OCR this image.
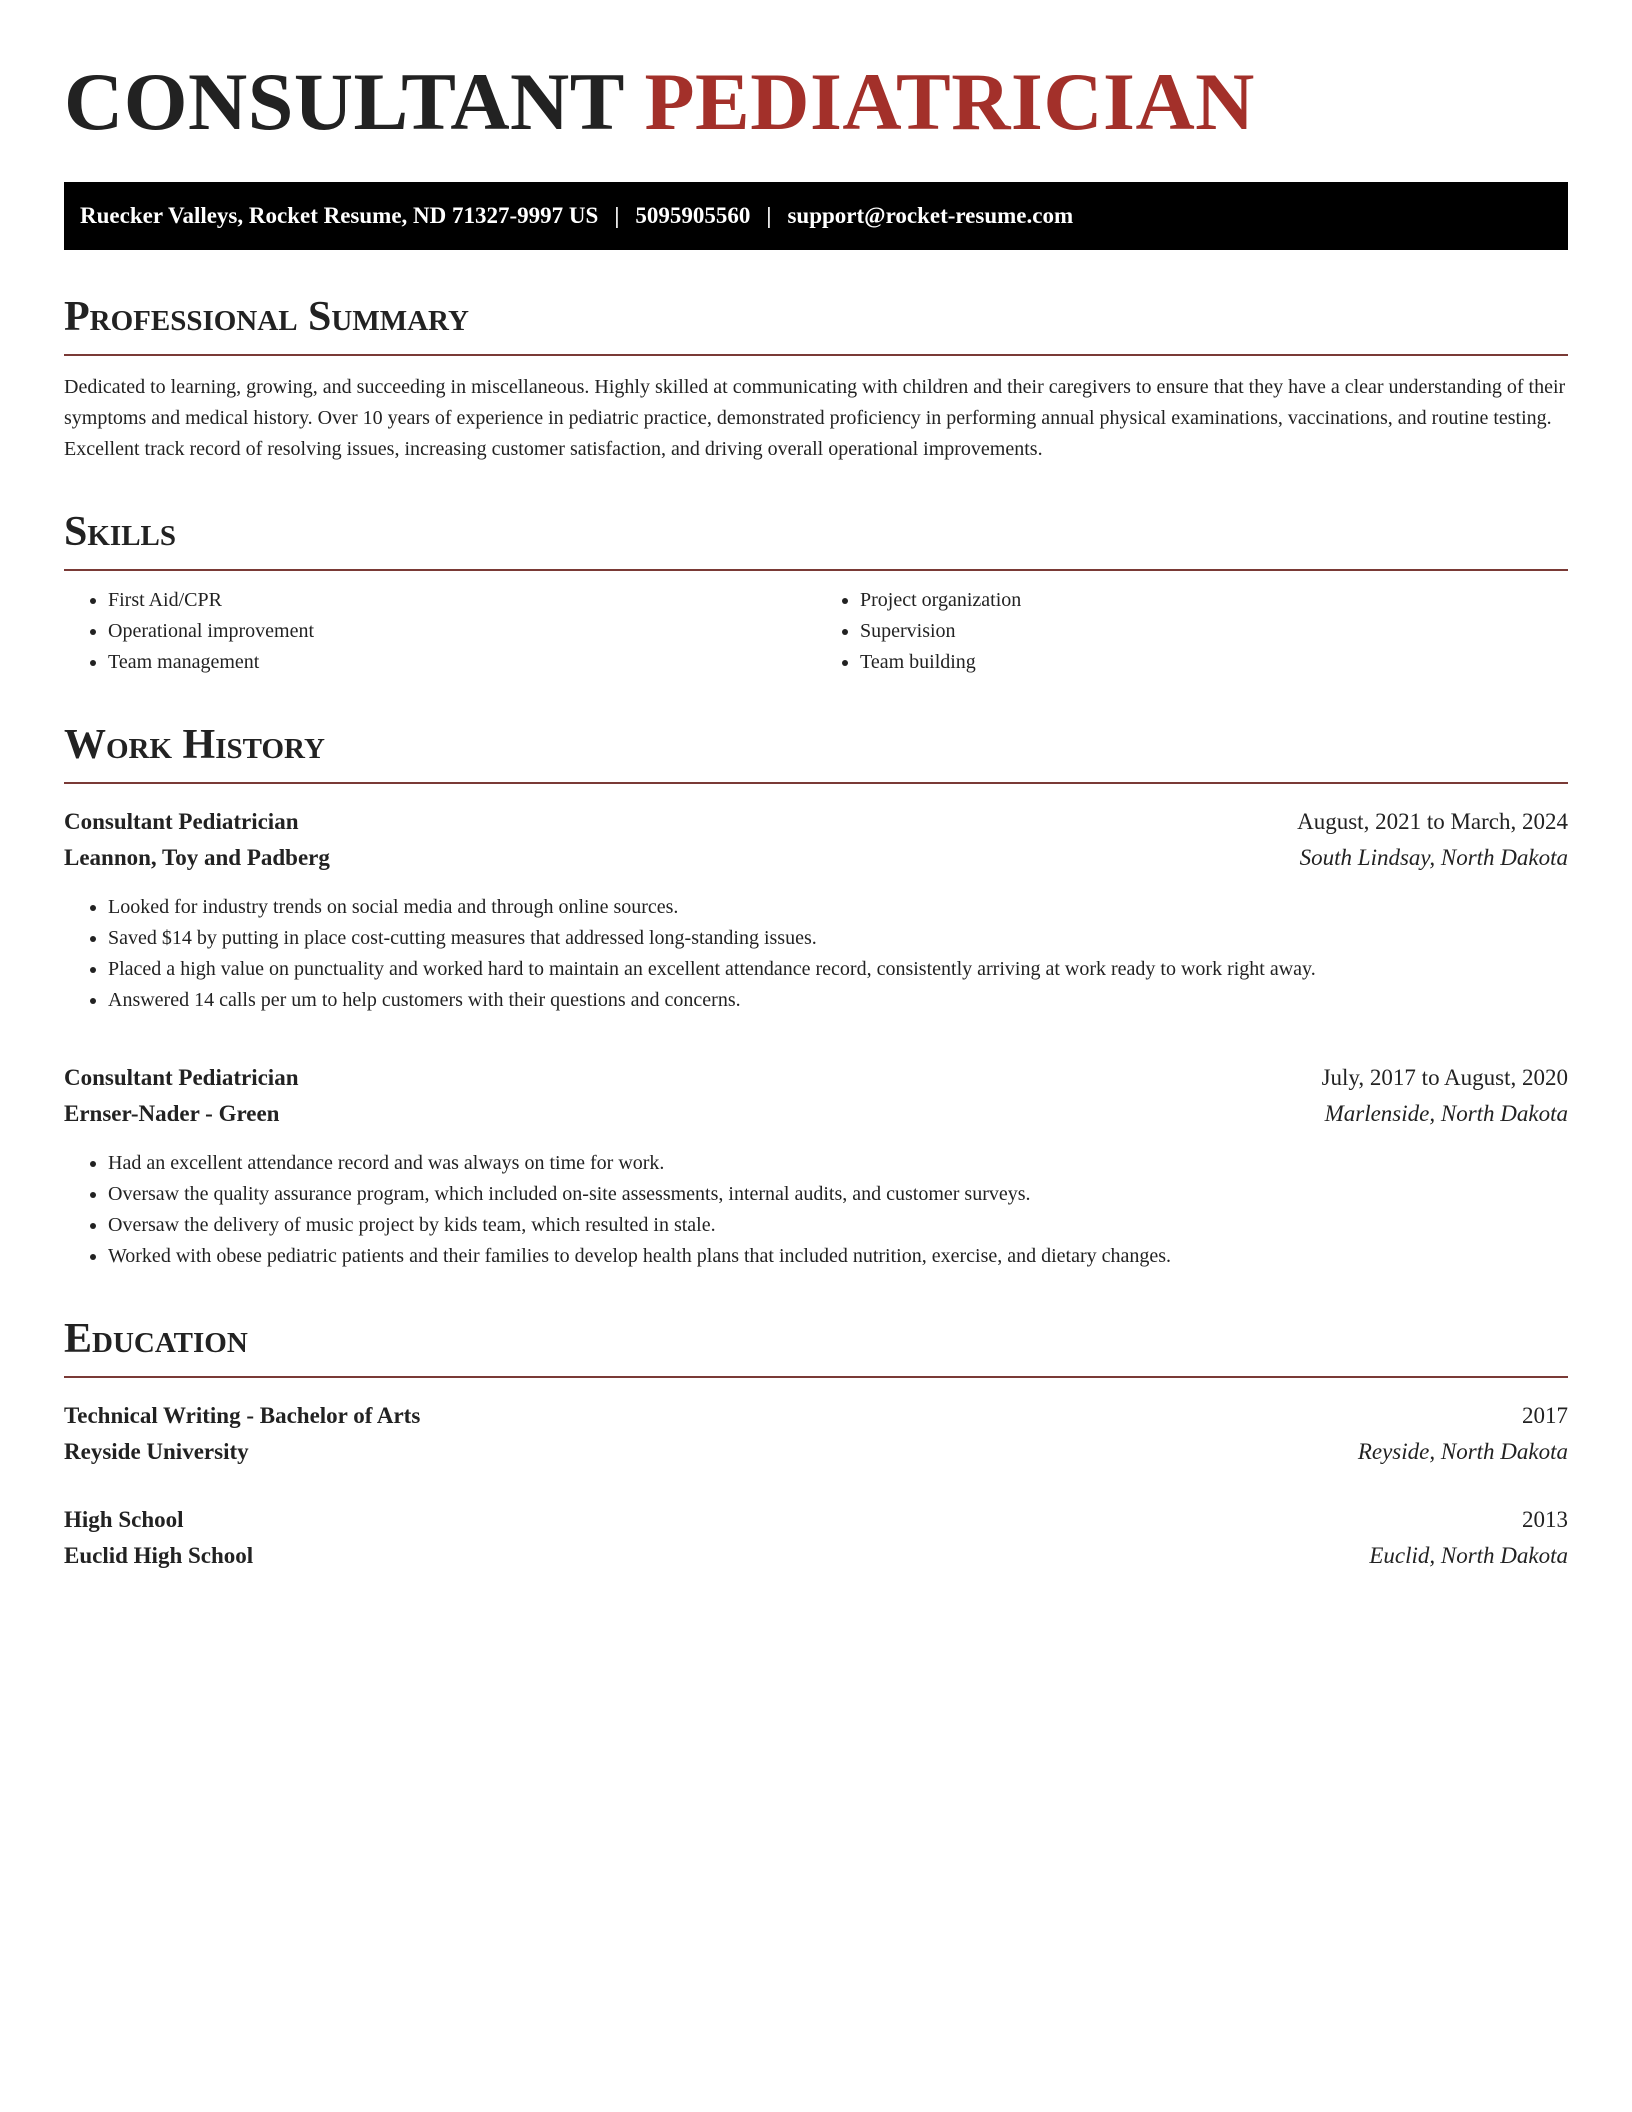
CONSULTANT PEDIATRICIAN
Ruecker Valleys, Rocket Resume, ND 71327-9997 US | 5095905560 | support@rocket-resume.com
Professional Summary

Dedicated to learning, growing, and succeeding in miscellaneous. Highly skilled at communicating with children and their caregivers to ensure that they have a clear understanding of their symptoms and medical history. Over 10 years of experience in pediatric practice, demonstrated proficiency in performing annual physical examinations, vaccinations, and routine testing. Excellent track record of resolving issues, increasing customer satisfaction, and driving overall operational improvements.

Skills
• First Aid/CPR
• Operational improvement
• Team management
• Project organization
• Supervision
• Team building
Work History
Consultant Pediatrician	August, 2021 to March, 2024
Leannon, Toy and Padberg	South Lindsay, North Dakota
• Looked for industry trends on social media and through online sources.
• Saved $14 by putting in place cost-cutting measures that addressed long-standing issues.
• Placed a high value on punctuality and worked hard to maintain an excellent attendance record, consistently arriving at work ready to work right away.
• Answered 14 calls per um to help customers with their questions and concerns.
Consultant Pediatrician	July, 2017 to August, 2020
Ernser-Nader - Green	Marlenside, North Dakota
• Had an excellent attendance record and was always on time for work.
• Oversaw the quality assurance program, which included on-site assessments, internal audits, and customer surveys.
• Oversaw the delivery of music project by kids team, which resulted in stale.
• Worked with obese pediatric patients and their families to develop health plans that included nutrition, exercise, and dietary changes.
Education
Technical Writing - Bachelor of Arts	2017
Reyside University	Reyside, North Dakota
High School	2013
Euclid High School	Euclid, North Dakota
